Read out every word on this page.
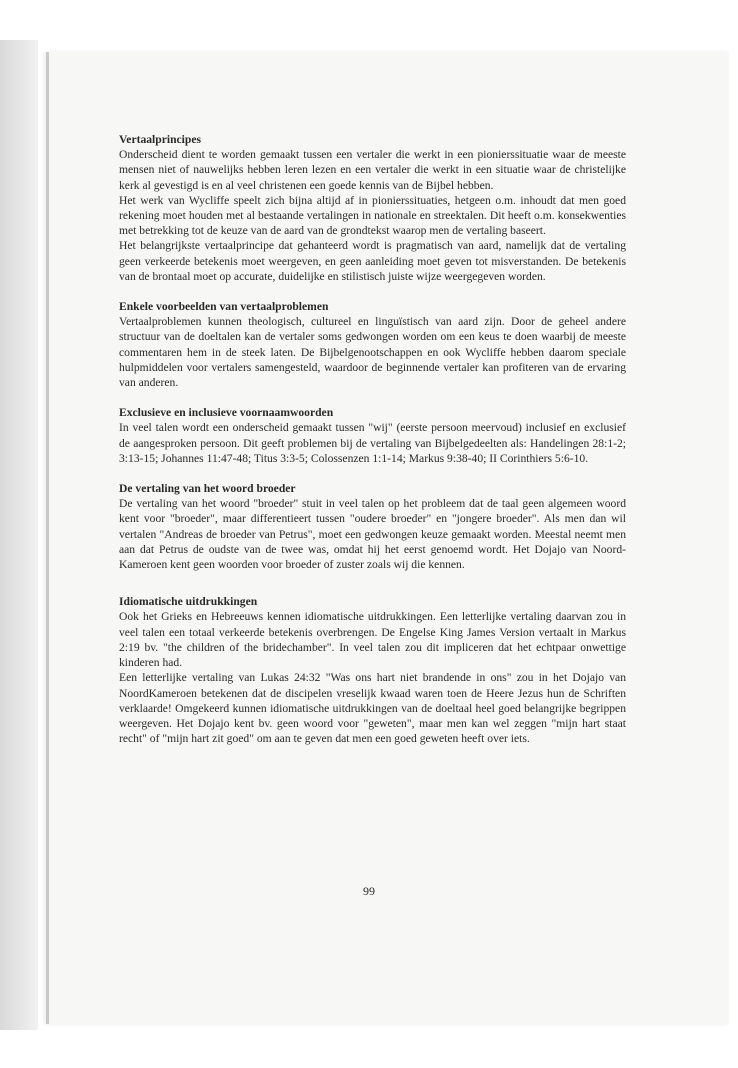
Vertaalprincipes

Onderscheid dient te worden gemaakt tussen een vertaler die werkt in een pionierssituatie waar de meeste mensen niet of nauwelijks hebben leren lezen en een vertaler die werkt in een situatie waar de christelijke kerk al gevestigd is en al veel christenen een goede kennis van de Bijbel hebben.

Het werk van Wycliffe speelt zich bijna altijd af in pionierssituaties, hetgeen o.m. inhoudt dat men goed rekening moet houden met al bestaande vertalingen in nationale en streektalen. Dit heeft o.m. konsekwenties met betrekking tot de keuze van de aard van de grondtekst waarop men de vertaling baseert.

Het belangrijkste vertaalprincipe dat gehanteerd wordt is pragmatisch van aard, namelijk dat de vertaling geen verkeerde betekenis moet weergeven, en geen aanleiding moet geven tot misverstanden. De betekenis van de brontaal moet op accurate, duidelijke en stilistisch juiste wijze weergegeven worden.

Enkele voorbeelden van vertaalproblemen

Vertaalproblemen kunnen theologisch, cultureel en linguïstisch van aard zijn. Door de geheel andere structuur van de doeltalen kan de vertaler soms gedwongen worden om een keus te doen waarbij de meeste commentaren hem in de steek laten. De Bijbelgenootschappen en ook Wycliffe hebben daarom speciale hulpmiddelen voor vertalers samengesteld, waardoor de beginnende vertaler kan profiteren van de ervaring van anderen.

Exclusieve en inclusieve voornaamwoorden

In veel talen wordt een onderscheid gemaakt tussen "wij" (eerste persoon meervoud) inclusief en exclusief de aangesproken persoon. Dit geeft problemen bij de vertaling van Bijbelgedeelten als: Handelingen 28:1-2; 3:13-15; Johannes 11:47-48; Titus 3:3-5; Colossenzen 1:1-14; Markus 9:38-40; II Corinthiers 5:6-10.

De vertaling van het woord broeder

De vertaling van het woord "broeder" stuit in veel talen op het probleem dat de taal geen algemeen woord kent voor "broeder", maar differentieert tussen "oudere broeder" en "jongere broeder". Als men dan wil vertalen "Andreas de broeder van Petrus", moet een gedwongen keuze gemaakt worden. Meestal neemt men aan dat Petrus de oudste van de twee was, omdat hij het eerst genoemd wordt. Het Dojajo van Noord-Kameroen kent geen woorden voor broeder of zuster zoals wij die kennen.

Idiomatische uitdrukkingen

Ook het Grieks en Hebreeuws kennen idiomatische uitdrukkingen. Een letterlijke vertaling daarvan zou in veel talen een totaal verkeerde betekenis overbrengen. De Engelse King James Version vertaalt in Markus 2:19 bv. "the children of the bridechamber". In veel talen zou dit impliceren dat het echtpaar onwettige kinderen had.

Een letterlijke vertaling van Lukas 24:32 "Was ons hart niet brandende in ons" zou in het Dojajo van NoordKameroen betekenen dat de discipelen vreselijk kwaad waren toen de Heere Jezus hun de Schriften verklaarde! Omgekeerd kunnen idiomatische uitdrukkingen van de doeltaal heel goed belangrijke begrippen weergeven. Het Dojajo kent bv. geen woord voor "geweten", maar men kan wel zeggen "mijn hart staat recht" of "mijn hart zit goed" om aan te geven dat men een goed geweten heeft over iets.

99
